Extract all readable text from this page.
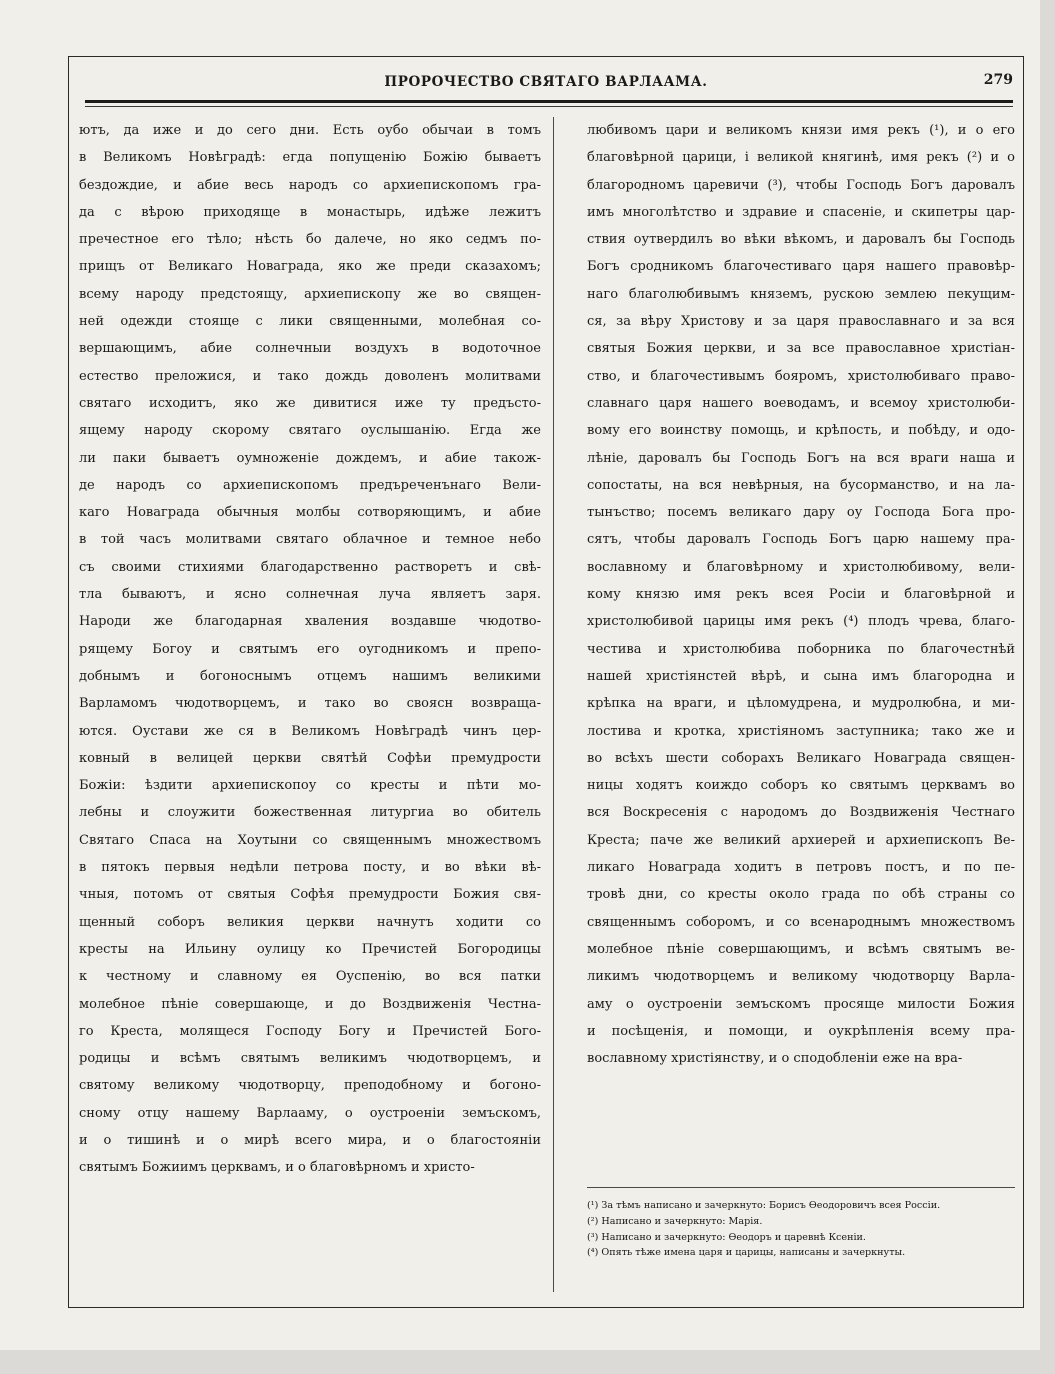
ПРОРОЧЕСТВО СВЯТАГО ВАРЛААМА.	279
ютъ, да иже и до сего дни. Есть оубо обычаи в томъ
в Великомъ Новѣградѣ: егда попущенію Божію бываетъ
бездождие, и абие весь народъ со архиепископомъ гра-
да с вѣрою приходяще в монастырь, идѣже лежитъ
пречестное его тѣло; нѣсть бо далече, но яко седмъ по-
прищъ от Великаго Новаграда, яко же преди сказахомъ;
всему народу предстоящу, архиепископу же во священ-
ней одежди стояще с лики священными, молебная со-
вершающимъ, абие солнечныи воздухъ в водоточное
естество преложися, и тако дождь доволенъ молитвами
святаго исходитъ, яко же дивитися иже ту предъсто-
ящему народу скорому святаго оуслышанію. Егда же
ли паки бываетъ оумноженіе дождемъ, и абие також-
де народъ со архиепископомъ предъреченънаго Вели-
каго Новаграда обычныя молбы сотворяющимъ, и абие
в той часъ молитвами святаго облачное и темное небо
съ своими стихиями благодарственно растворетъ и свѣ-
тла бываютъ, и ясно солнечная луча являетъ заря.
Народи же благодарная хваления воздавше чюдотво-
рящему Богоу и святымъ его оугодникомъ и препо-
добнымъ и богоноснымъ отцемъ нашимъ великими
Варламомъ чюдотворцемъ, и тако во своясн возвраща-
ются. Оустави же ся в Великомъ Новѣградѣ чинъ цер-
ковный в велицей церкви святѣй Софѣи премудрости
Божіи: ѣздити архиепископоу со кресты и пѣти мо-
лебны и слоужити божественная литургиа во обитель
Святаго Спаса на Хоутыни со священнымъ множествомъ
в пятокъ первыя недѣли петрова посту, и во вѣки вѣ-
чныя, потомъ от святыя Софѣя премудрости Божия свя-
щенный соборъ великия церкви начнутъ ходити со
кресты на Ильину оулицу ко Пречистей Богородицы
к честному и славному ея Оуспенію, во вся патки
молебное пѣніе совершающе, и до Воздвиженія Честна-
го Креста, молящеся Господу Богу и Пречистей Бого-
родицы и всѣмъ святымъ великимъ чюдотворцемъ, и
святому великому чюдотворцу, преподобному и богоно-
сному отцу нашему Варлааму, о оустроеніи земъскомъ,
и о тишинѣ и о мирѣ всего мира, и о благостояніи
святымъ Божиимъ церквамъ, и о благовѣрномъ и христо-
любивомъ цари и великомъ князи имя рекъ (¹), и о его
благовѣрной царици, і великой княгинѣ, имя рекъ (²) и о
благородномъ царевичи (³), чтобы Господь Богъ даровалъ
имъ многолѣтство и здравие и спасеніе, и скипетры цар-
ствия оутвердилъ во вѣки вѣкомъ, и даровалъ бы Господь
Богъ сродникомъ благочестиваго царя нашего правовѣр-
наго благолюбивымъ княземъ, рускою землею пекущим-
ся, за вѣру Христову и за царя православнаго и за вся
святыя Божия церкви, и за все православное христіан-
ство, и благочестивымъ бояромъ, христолюбиваго право-
славнаго царя нашего воеводамъ, и всемоу христолюби-
вому его воинству помощь, и крѣпость, и побѣду, и одо-
лѣніе, даровалъ бы Господь Богъ на вся враги наша и
сопостаты, на вся невѣрныя, на бусорманство, и на ла-
тынъство; посемъ великаго дару оу Господа Бога про-
сятъ, чтобы даровалъ Господь Богъ царю нашему пра-
вославному и благовѣрному и христолюбивому, вели-
кому князю имя рекъ всея Росіи и благовѣрной и
христолюбивой царицы имя рекъ (⁴) плодъ чрева, благо-
честива и христолюбива поборника по благочестнѣй
нашей христіянстей вѣрѣ, и сына имъ благородна и
крѣпка на враги, и цѣломудрена, и мудролюбна, и ми-
лостива и кротка, христіяномъ заступника; тако же и
во всѣхъ шести соборахъ Великаго Новаграда священ-
ницы ходятъ коиждо соборъ ко святымъ церквамъ во
вся Воскресенія с народомъ до Воздвиженія Честнаго
Креста; паче же великий архиерей и архиепископъ Ве-
ликаго Новаграда ходитъ в петровъ постъ, и по пе-
тровѣ дни, со кресты около града по обѣ страны со
священнымъ соборомъ, и со всенароднымъ множествомъ
молебное пѣніе совершающимъ, и всѣмъ святымъ ве-
ликимъ чюдотворцемъ и великому чюдотворцу Варла-
аму о оустроеніи земъскомъ просяще милости Божия
и посѣщенія, и помощи, и оукрѣпленія всему пра-
вославному христіянству, и о сподобленіи еже на вра-
(¹) За тѣмъ написано и зачеркнуто: Борисъ Ѳеодоровичъ всея Россіи.
(²) Написано и зачеркнуто: Марія.
(³) Написано и зачеркнуто: Ѳеодоръ и царевнѣ Ксеніи.
(⁴) Опять тѣже имена царя и царицы, написаны и зачеркнуты.
